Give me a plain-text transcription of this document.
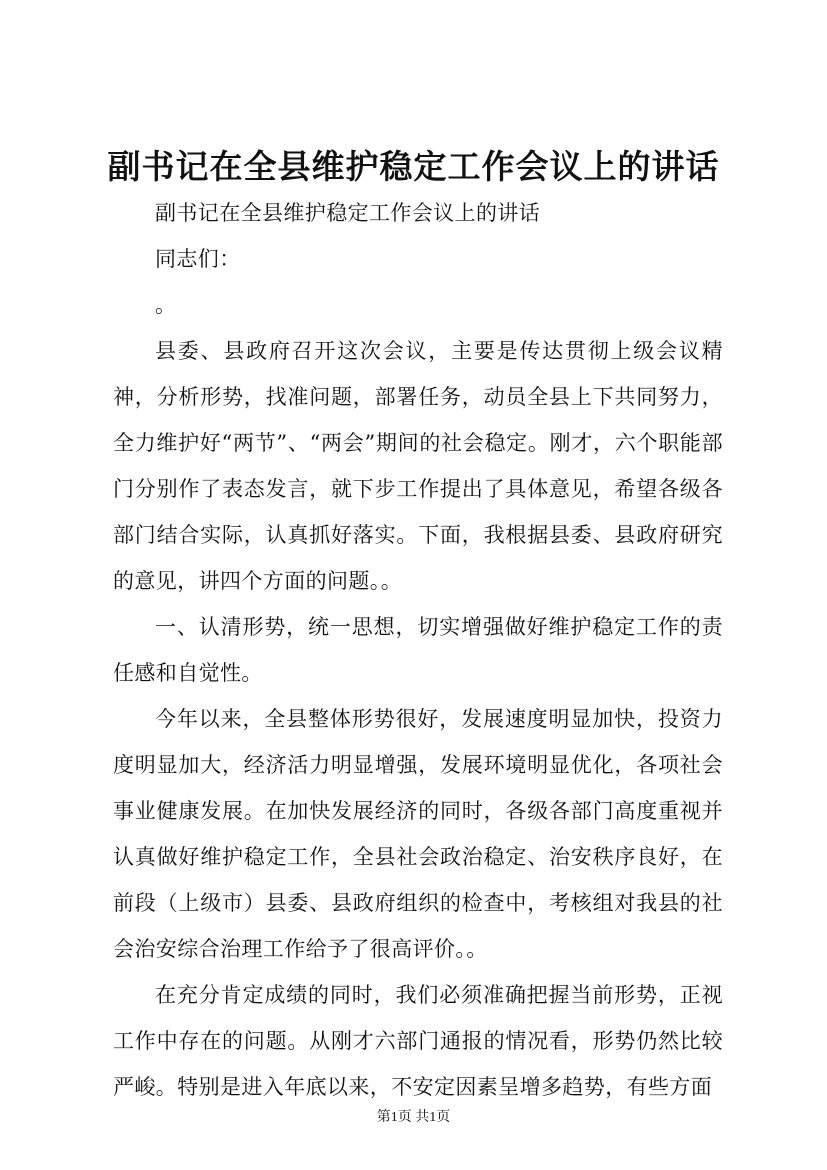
副书记在全县维护稳定工作会议上的讲话

副书记在全县维护稳定工作会议上的讲话

同志们：

。

县委、县政府召开这次会议，主要是传达贯彻上级会议精神，分析形势，找准问题，部署任务，动员全县上下共同努力，全力维护好“两节”、“两会”期间的社会稳定。刚才，六个职能部门分别作了表态发言，就下步工作提出了具体意见，希望各级各部门结合实际，认真抓好落实。下面，我根据县委、县政府研究的意见，讲四个方面的问题。。

一、认清形势，统一思想，切实增强做好维护稳定工作的责任感和自觉性。

今年以来，全县整体形势很好，发展速度明显加快，投资力度明显加大，经济活力明显增强，发展环境明显优化，各项社会事业健康发展。在加快发展经济的同时，各级各部门高度重视并认真做好维护稳定工作，全县社会政治稳定、治安秩序良好，在前段（上级市）县委、县政府组织的检查中，考核组对我县的社会治安综合治理工作给予了很高评价。。

在充分肯定成绩的同时，我们必须准确把握当前形势，正视工作中存在的问题。从刚才六部门通报的情况看，形势仍然比较严峻。特别是进入年底以来，不安定因素呈增多趋势，有些方面

第1页 共1页
